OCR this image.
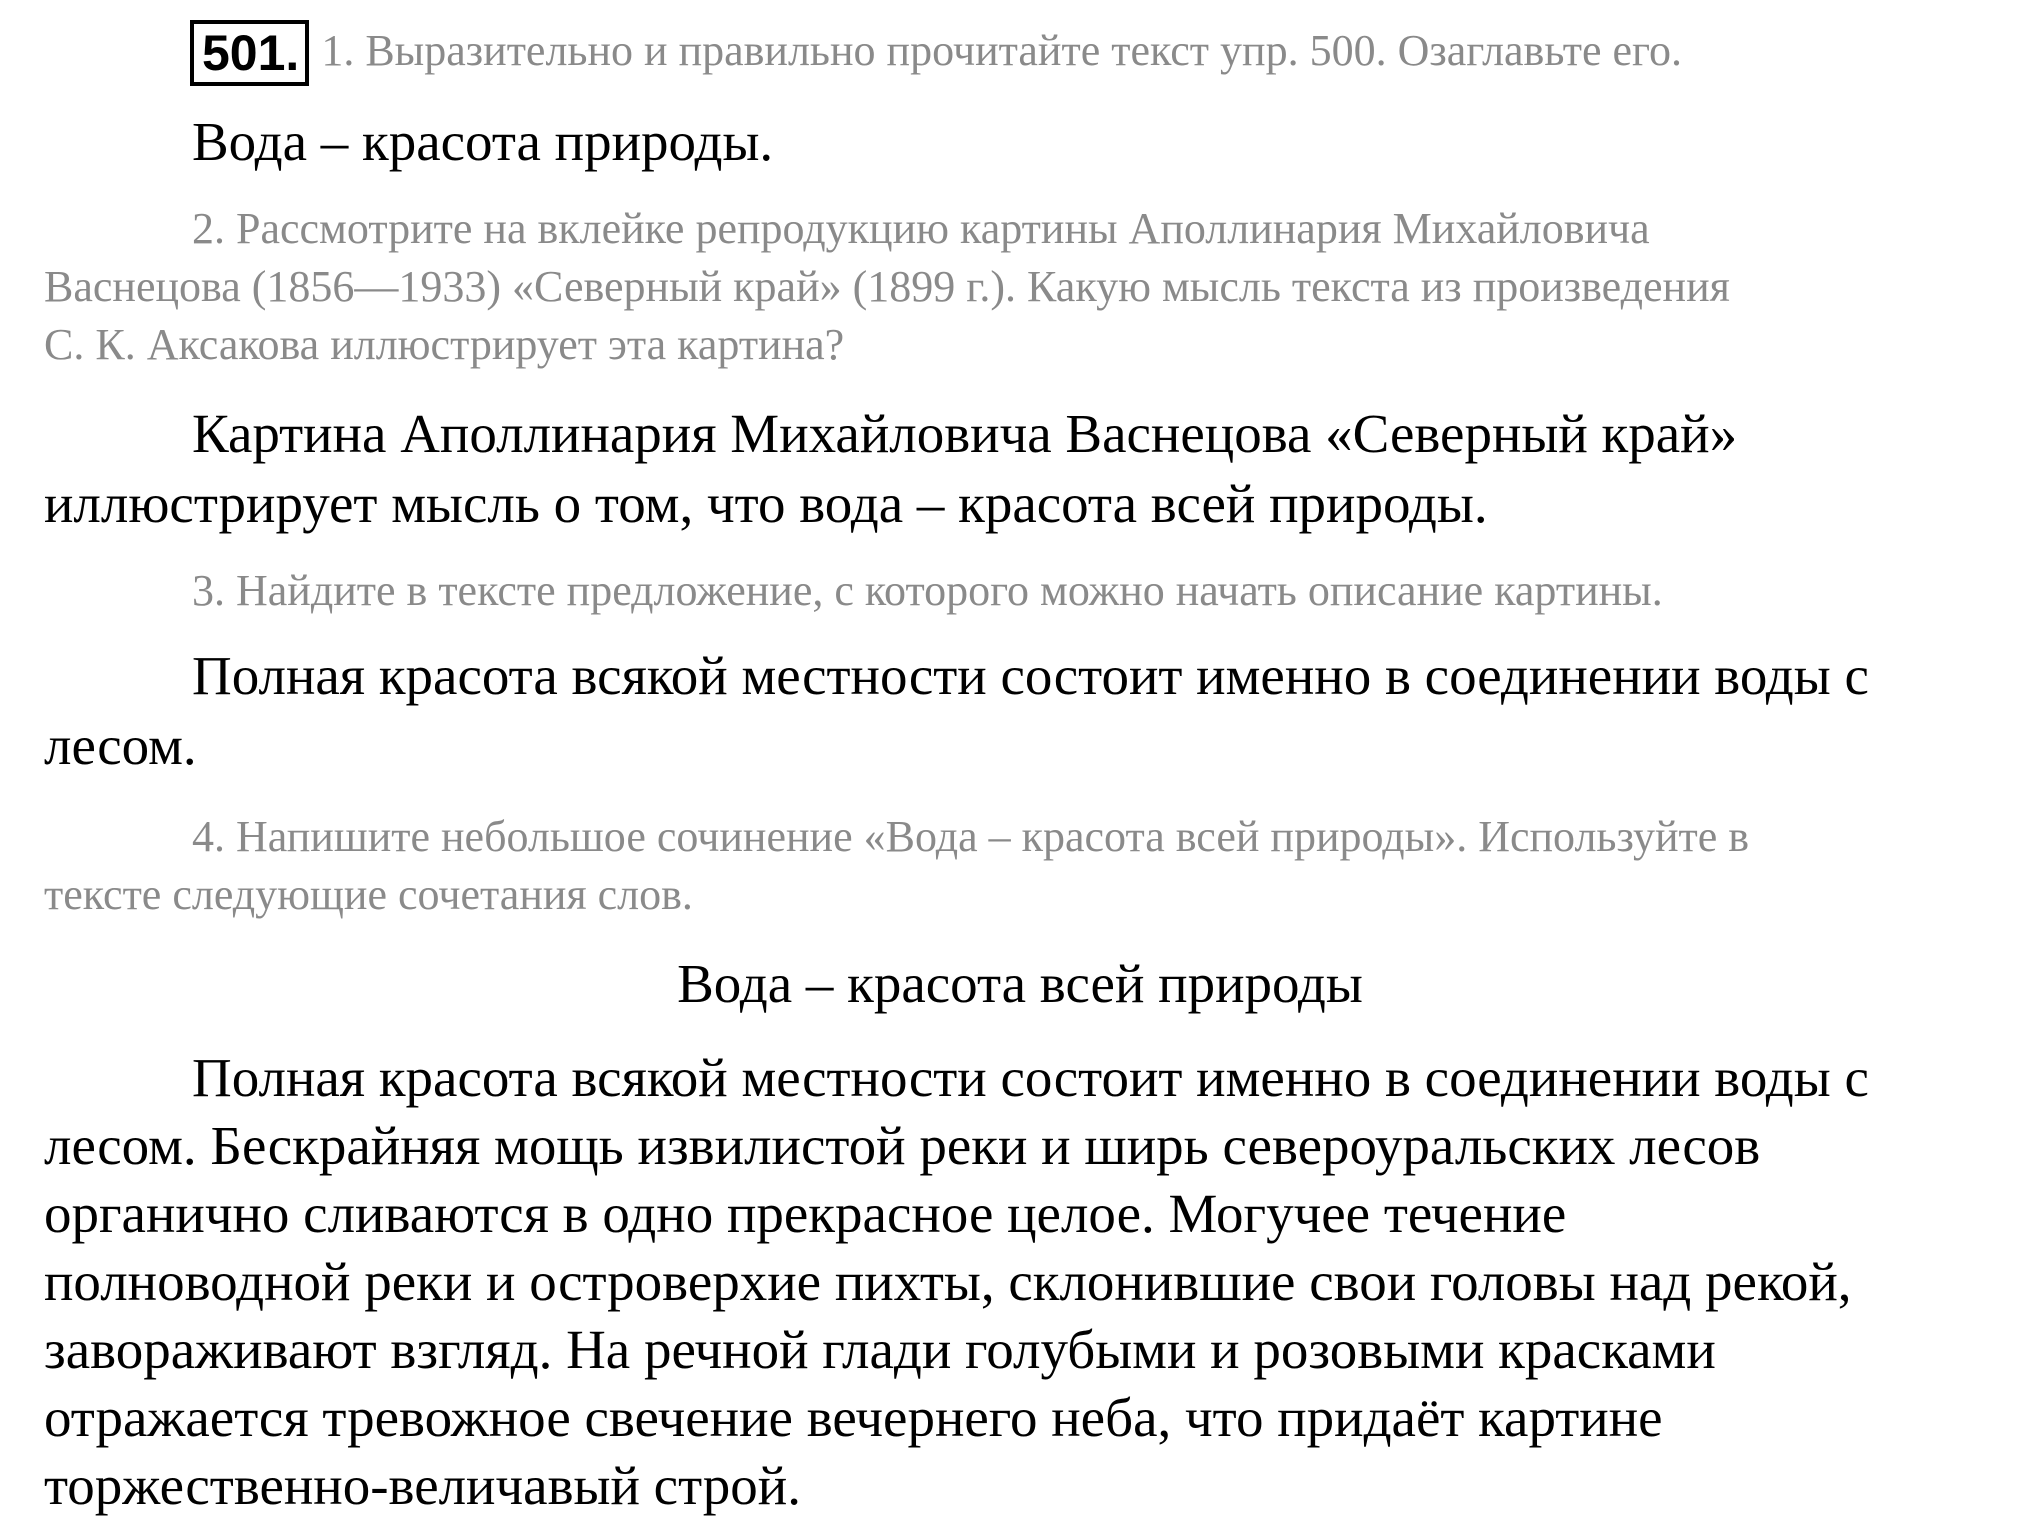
501. 1. Выразительно и правильно прочитайте текст упр. 500. Озаглавьте его.
Вода – красота природы.
2. Рассмотрите на вклейке репродукцию картины Аполлинария Михайловича
Васнецова (1856—1933) «Северный край» (1899 г.). Какую мысль текста из произведения
С. К. Аксакова иллюстрирует эта картина?
Картина Аполлинария Михайловича Васнецова «Северный край»
иллюстрирует мысль о том, что вода – красота всей природы.
3. Найдите в тексте предложение, с которого можно начать описание картины.
Полная красота всякой местности состоит именно в соединении воды с
лесом.
4. Напишите небольшое сочинение «Вода – красота всей природы». Используйте в
тексте следующие сочетания слов.
Вода – красота всей природы
Полная красота всякой местности состоит именно в соединении воды с
лесом. Бескрайняя мощь извилистой реки и ширь североуральских лесов
органично сливаются в одно прекрасное целое. Могучее течение
полноводной реки и островерхие пихты, склонившие свои головы над рекой,
завораживают взгляд. На речной глади голубыми и розовыми красками
отражается тревожное свечение вечернего неба, что придаёт картине
торжественно-величавый строй.
